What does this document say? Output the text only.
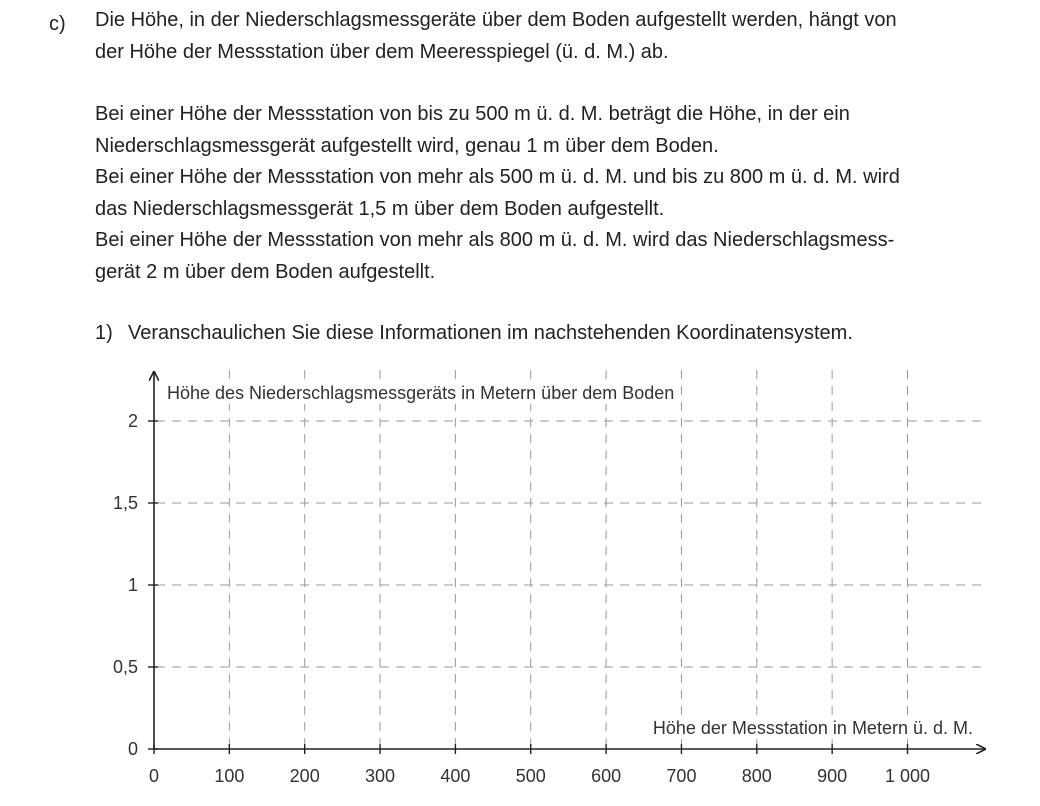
c) Die Höhe, in der Niederschlagsmessgeräte über dem Boden aufgestellt werden, hängt von
der Höhe der Messstation über dem Meeresspiegel (ü. d. M.) ab.
Bei einer Höhe der Messstation von bis zu 500 m ü. d. M. beträgt die Höhe, in der ein
Niederschlagsmessgerät aufgestellt wird, genau 1 m über dem Boden.
Bei einer Höhe der Messstation von mehr als 500 m ü. d. M. und bis zu 800 m ü. d. M. wird
das Niederschlagsmessgerät 1,5 m über dem Boden aufgestellt.
Bei einer Höhe der Messstation von mehr als 800 m ü. d. M. wird das Niederschlagsmess-
gerät 2 m über dem Boden aufgestellt.
1) Veranschaulichen Sie diese Informationen im nachstehenden Koordinatensystem.
0	100	200	300	400	500	600	700	800	900 1 000
0
0,5
1
1,5
2
Höhe des Niederschlagsmessgeräts in Metern über dem Boden
Höhe der Messstation in Metern ü. d. M.
